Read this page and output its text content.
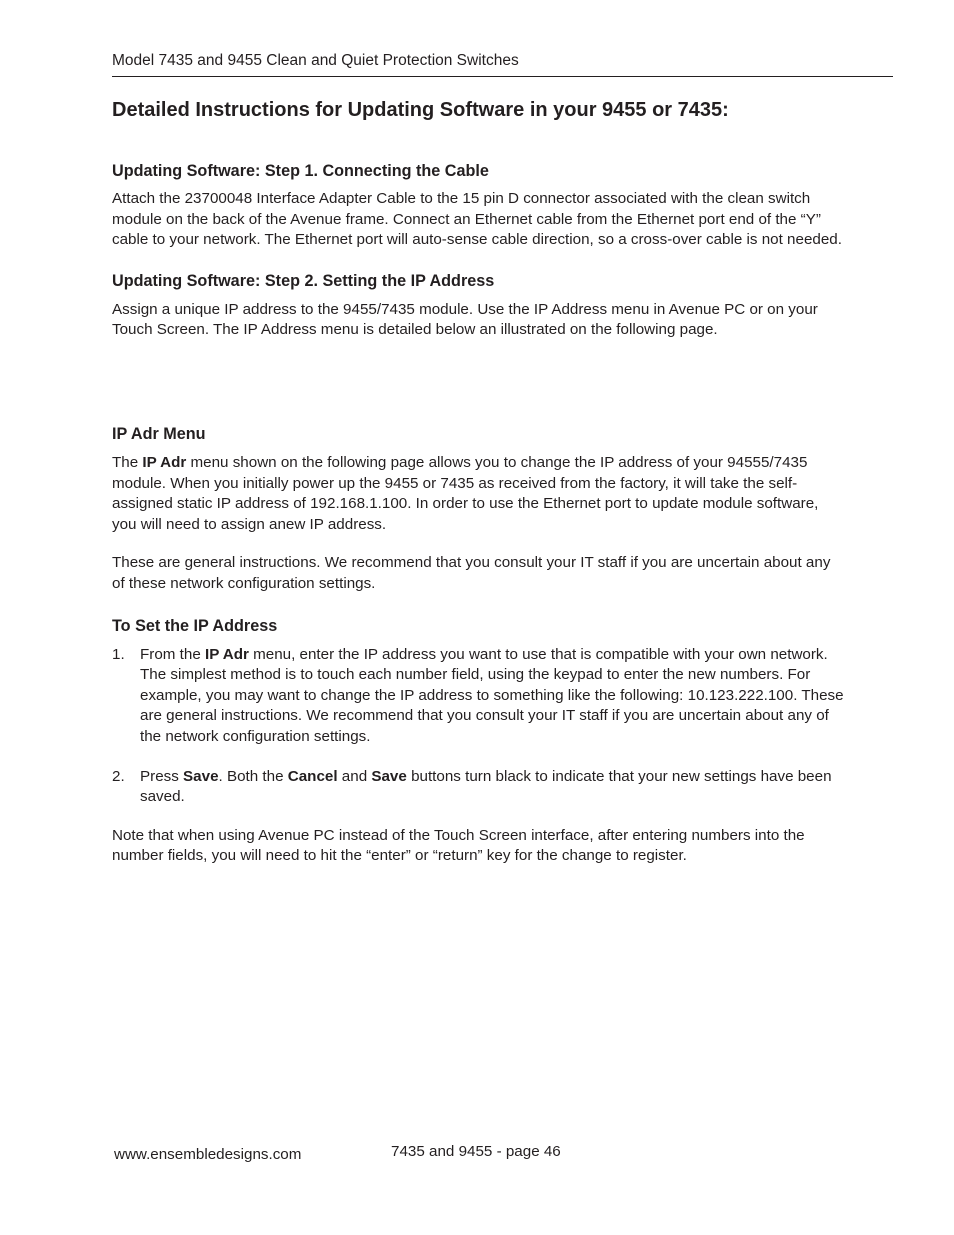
Model 7435 and 9455 Clean and Quiet Protection Switches
Detailed Instructions for Updating Software in your 9455 or 7435:
Updating Software: Step 1. Connecting the Cable

Attach the 23700048 Interface Adapter Cable to the 15 pin D connector associated with the clean switch module on the back of the Avenue frame. Connect an Ethernet cable from the Ethernet port end of the “Y” cable to your network. The Ethernet port will auto-sense cable direction, so a cross-over cable is not needed.

Updating Software: Step 2. Setting the IP Address

Assign a unique IP address to the 9455/7435 module. Use the IP Address menu in Avenue PC or on your Touch Screen. The IP Address menu is detailed below an illustrated on the following page.

IP Adr Menu

The IP Adr menu shown on the following page allows you to change the IP address of your 94555/7435 module. When you initially power up the 9455 or 7435 as received from the factory, it will take the self-assigned static IP address of 192.168.1.100. In order to use the Ethernet port to update module software, you will need to assign anew IP address.

These are general instructions. We recommend that you consult your IT staff if you are uncertain about any of these network configuration settings.

To Set the IP Address
1. From the IP Adr menu, enter the IP address you want to use that is compatible with your own network. The simplest method is to touch each number field, using the keypad to enter the new numbers. For example, you may want to change the IP address to something like the following: 10.123.222.100. These are general instructions. We recommend that you consult your IT staff if you are uncertain about any of the network configuration settings.
2. Press Save. Both the Cancel and Save buttons turn black to indicate that your new settings have been saved.

Note that when using Avenue PC instead of the Touch Screen interface, after entering numbers into the number fields, you will need to hit the “enter” or “return” key for the change to register.

www.ensembledesigns.com	7435 and 9455 - page 46
